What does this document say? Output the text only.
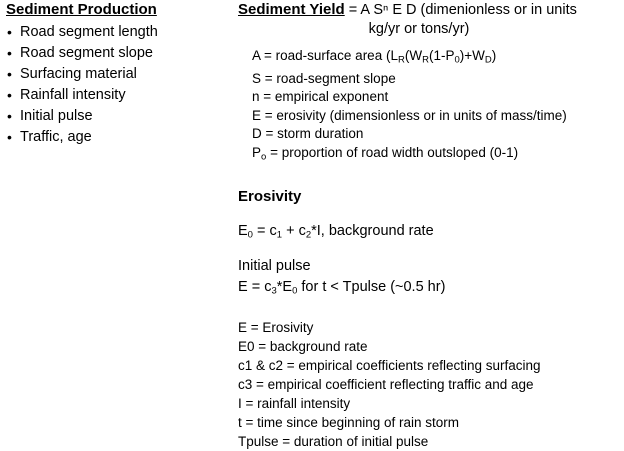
Sediment Production
• Road segment length
• Road segment slope
• Surfacing material
• Rainfall intensity
• Initial pulse
• Traffic, age
Sediment Yield = A Sⁿ E D (dimenionless or in units
kg/yr or tons/yr)
A = road-surface area ($L_R(W_R(1-P_0)+W_D)$
S = road-segment slope
n = empirical exponent
E = erosivity (dimensionless or in units of mass/time)
D = storm duration
$P_o$ = proportion of road width outsloped (0-1)
Erosivity
$E_0 = c_1 + c_2*I$, background rate
Initial pulse
$E = c_3*E_0$ for t < Tpulse (~0.5 hr)
E = Erosivity
E0 = background rate
c1 & c2 = empirical coefficients reflecting surfacing
c3 = empirical coefficient reflecting traffic and age
I = rainfall intensity
t = time since beginning of rain storm
Tpulse = duration of initial pulse
